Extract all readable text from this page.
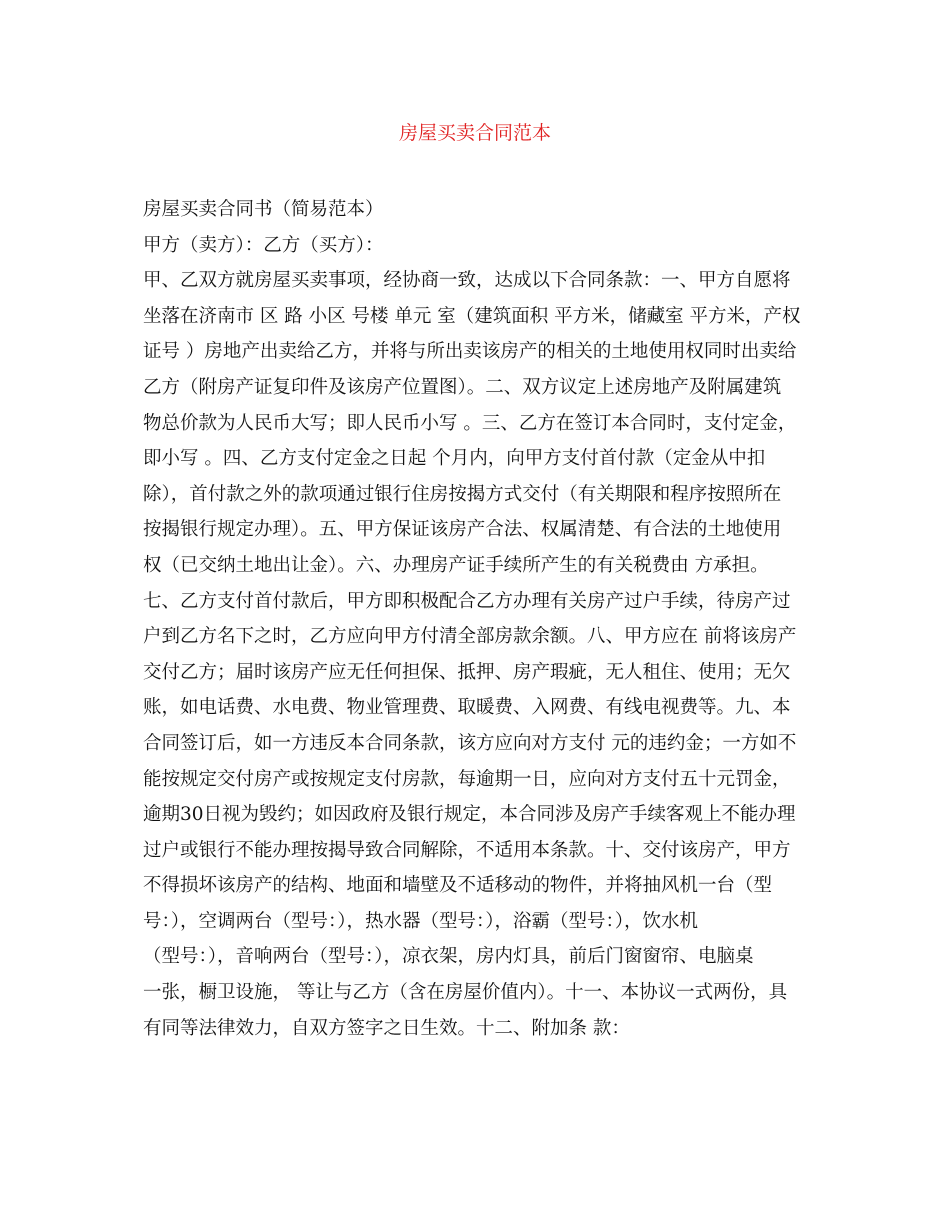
房屋买卖合同范本

房屋买卖合同书（简易范本）

甲方（卖方）：乙方（买方）：

甲、乙双方就房屋买卖事项，经协商一致，达成以下合同条款：一、甲方自愿将

坐落在济南市 区 路 小区 号楼 单元 室（建筑面积 平方米，储藏室 平方米，产权

证号 ）房地产出卖给乙方，并将与所出卖该房产的相关的土地使用权同时出卖给

乙方（附房产证复印件及该房产位置图）。二、双方议定上述房地产及附属建筑

物总价款为人民币大写；即人民币小写 。三、乙方在签订本合同时，支付定金，

即小写 。四、乙方支付定金之日起 个月内，向甲方支付首付款（定金从中扣

除），首付款之外的款项通过银行住房按揭方式交付（有关期限和程序按照所在

按揭银行规定办理）。五、甲方保证该房产合法、权属清楚、有合法的土地使用

权（已交纳土地出让金）。六、办理房产证手续所产生的有关税费由 方承担。

七、乙方支付首付款后，甲方即积极配合乙方办理有关房产过户手续，待房产过

户到乙方名下之时，乙方应向甲方付清全部房款余额。八、甲方应在 前将该房产

交付乙方；届时该房产应无任何担保、抵押、房产瑕疵，无人租住、使用；无欠

账，如电话费、水电费、物业管理费、取暖费、入网费、有线电视费等。九、本

合同签订后，如一方违反本合同条款，该方应向对方支付 元的违约金；一方如不

能按规定交付房产或按规定支付房款，每逾期一日，应向对方支付五十元罚金，

逾期30日视为毁约；如因政府及银行规定，本合同涉及房产手续客观上不能办理

过户或银行不能办理按揭导致合同解除，不适用本条款。十、交付该房产，甲方

不得损坏该房产的结构、地面和墙壁及不适移动的物件，并将抽风机一台（型

号：），空调两台（型号：），热水器（型号：），浴霸（型号：），饮水机

（型号：），音响两台（型号：），凉衣架，房内灯具，前后门窗窗帘、电脑桌

一张，橱卫设施， 等让与乙方（含在房屋价值内）。十一、本协议一式两份，具

有同等法律效力，自双方签字之日生效。十二、附加条 款：
